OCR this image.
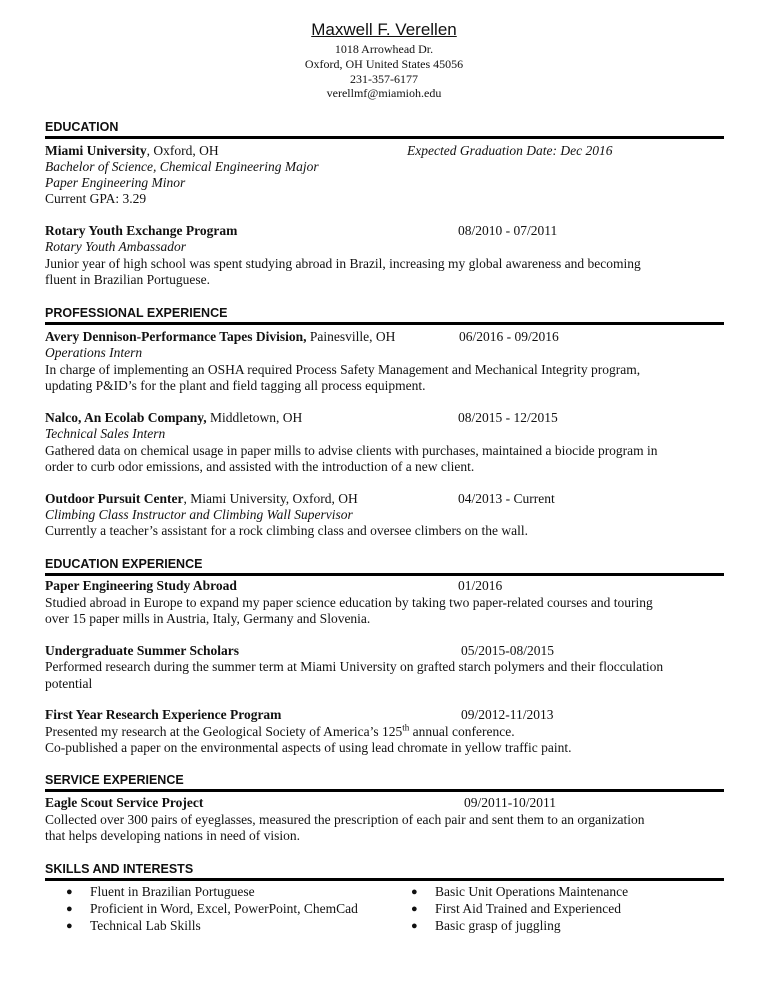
Maxwell F. Verellen
1018 Arrowhead Dr.
Oxford, OH United States 45056
231-357-6177
verellmf@miamioh.edu
EDUCATION
Miami University, Oxford, OH	Expected Graduation Date: Dec 2016
Bachelor of Science, Chemical Engineering Major
Paper Engineering Minor
Current GPA: 3.29
Rotary Youth Exchange Program	08/2010 - 07/2011
Rotary Youth Ambassador
Junior year of high school was spent studying abroad in Brazil, increasing my global awareness and becoming
fluent in Brazilian Portuguese.
PROFESSIONAL EXPERIENCE
Avery Dennison-Performance Tapes Division, Painesville, OH	06/2016 - 09/2016
Operations Intern
In charge of implementing an OSHA required Process Safety Management and Mechanical Integrity program,
updating P&ID’s for the plant and field tagging all process equipment.
Nalco, An Ecolab Company, Middletown, OH	08/2015 - 12/2015
Technical Sales Intern
Gathered data on chemical usage in paper mills to advise clients with purchases, maintained a biocide program in
order to curb odor emissions, and assisted with the introduction of a new client.
Outdoor Pursuit Center, Miami University, Oxford, OH	04/2013 - Current
Climbing Class Instructor and Climbing Wall Supervisor
Currently a teacher’s assistant for a rock climbing class and oversee climbers on the wall.
EDUCATION EXPERIENCE
Paper Engineering Study Abroad	01/2016
Studied abroad in Europe to expand my paper science education by taking two paper-related courses and touring
over 15 paper mills in Austria, Italy, Germany and Slovenia.
Undergraduate Summer Scholars	05/2015-08/2015
Performed research during the summer term at Miami University on grafted starch polymers and their flocculation
potential
First Year Research Experience Program	09/2012-11/2013
Presented my research at the Geological Society of America’s 125th annual conference.
Co-published a paper on the environmental aspects of using lead chromate in yellow traffic paint.
SERVICE EXPERIENCE
Eagle Scout Service Project	09/2011-10/2011
Collected over 300 pairs of eyeglasses, measured the prescription of each pair and sent them to an organization
that helps developing nations in need of vision.
SKILLS AND INTERESTS
● Fluent in Brazilian Portuguese
● Proficient in Word, Excel, PowerPoint, ChemCad
● Technical Lab Skills
● Basic Unit Operations Maintenance
● First Aid Trained and Experienced
● Basic grasp of juggling
